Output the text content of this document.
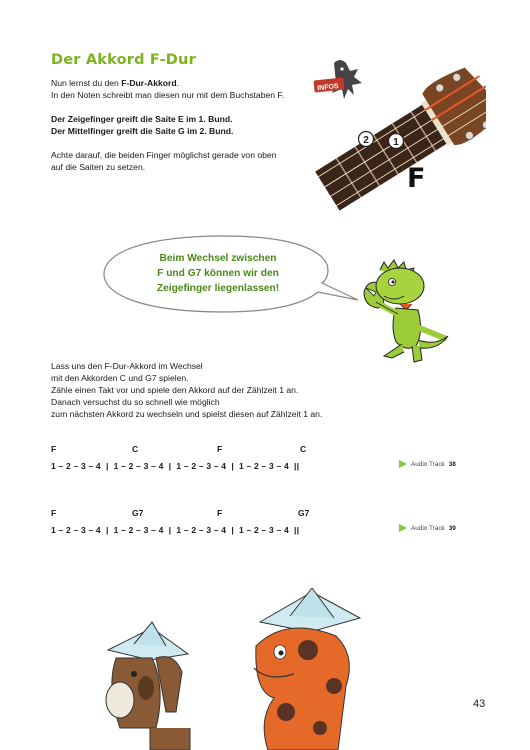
Der Akkord F-Dur

Nun lernst du den F-Dur-Akkord.
In den Noten schreibt man diesen nur mit dem Buchstaben F.

Der Zeigefinger greift die Saite E im 1. Bund.
Der Mittelfinger greift die Saite G im 2. Bund.

Achte darauf, die beiden Finger möglichst gerade von oben
auf die Saiten zu setzen.

INFOS
1
2
F
Beim Wechsel zwischen
F und G7 können wir den
Zeigefinger liegenlassen!

Lass uns den F-Dur-Akkord im Wechsel
mit den Akkorden C und G7 spielen.
Zähle einen Takt vor und spiele den Akkord auf der Zählzeit 1 an.
Danach versuchst du so schnell wie möglich
zum nächsten Akkord zu wechseln und spielst diesen auf Zählzeit 1 an.

F	C	F	C
1 – 2 – 3 – 4  |  1 – 2 – 3 – 4  |  1 – 2 – 3 – 4  |  1 – 2 – 3 – 4  ||	Audio Track 38
F	G7	F	G7
1 – 2 – 3 – 4  |  1 – 2 – 3 – 4  |  1 – 2 – 3 – 4  |  1 – 2 – 3 – 4  ||	Audio Track 39
43
